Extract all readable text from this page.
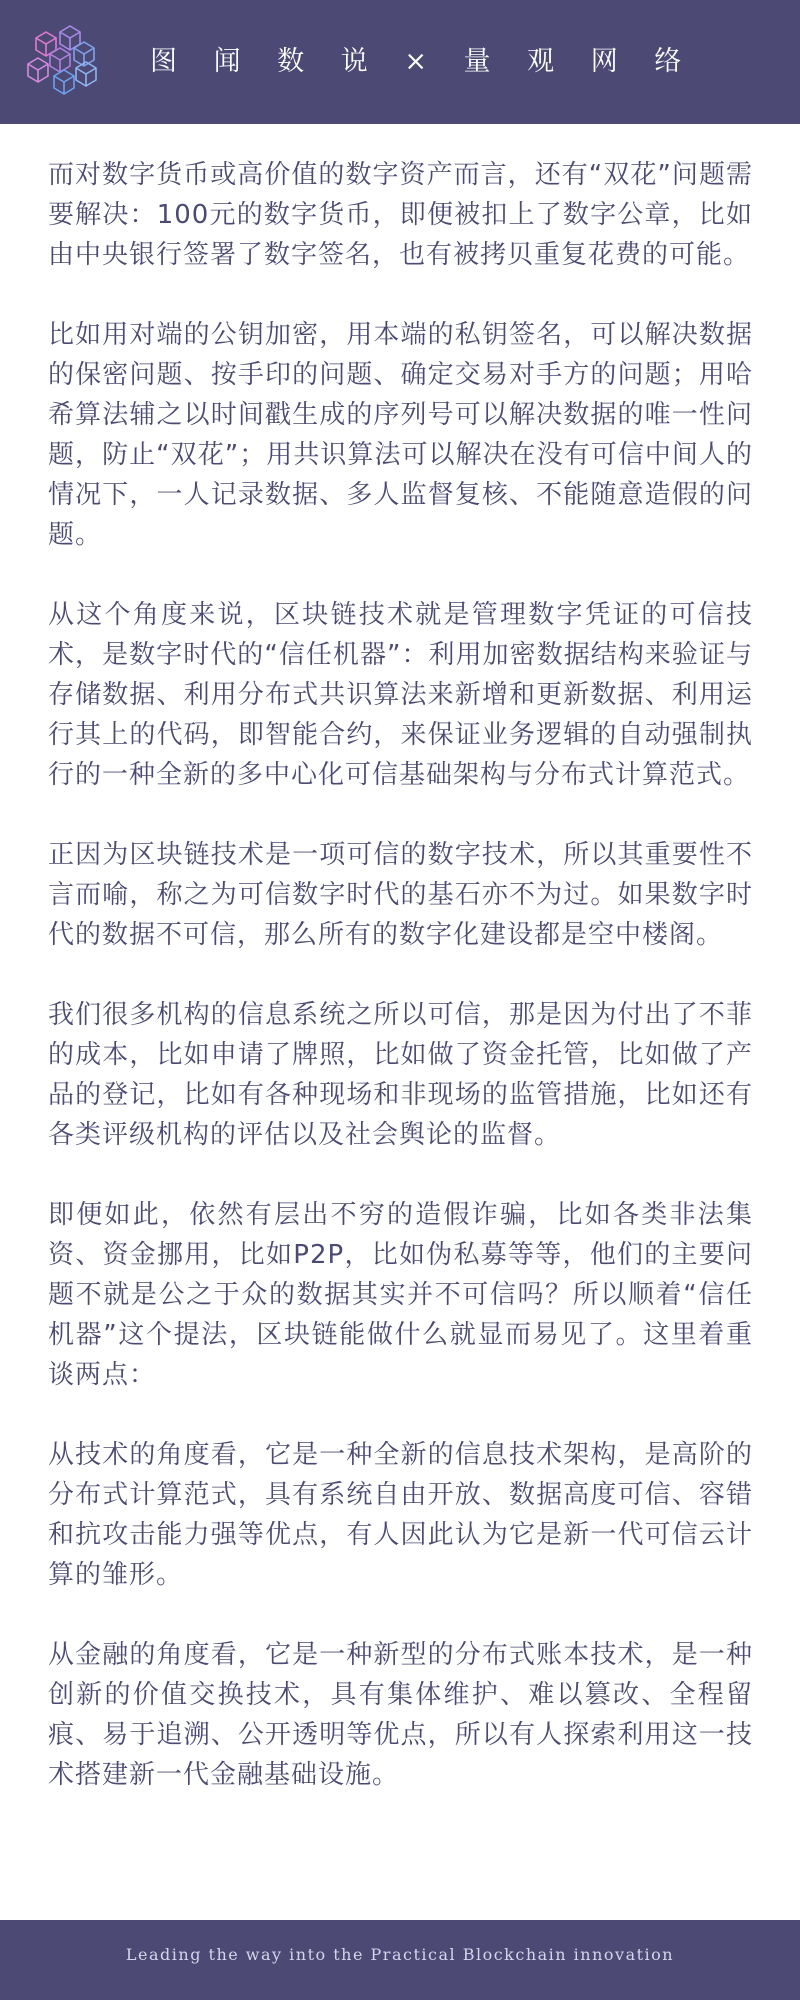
图 闻 数 说 × 量 观 网 络

而对数字货币或高价值的数字资产而言，还有“双花”问题需要解决：100元的数字货币，即便被扣上了数字公章，比如由中央银行签署了数字签名，也有被拷贝重复花费的可能。

比如用对端的公钥加密，用本端的私钥签名，可以解决数据的保密问题、按手印的问题、确定交易对手方的问题；用哈希算法辅之以时间戳生成的序列号可以解决数据的唯一性问题，防止“双花”；用共识算法可以解决在没有可信中间人的情况下，一人记录数据、多人监督复核、不能随意造假的问题。

从这个角度来说，区块链技术就是管理数字凭证的可信技术，是数字时代的“信任机器”：利用加密数据结构来验证与存储数据、利用分布式共识算法来新增和更新数据、利用运行其上的代码，即智能合约，来保证业务逻辑的自动强制执行的一种全新的多中心化可信基础架构与分布式计算范式。

正因为区块链技术是一项可信的数字技术，所以其重要性不言而喻，称之为可信数字时代的基石亦不为过。如果数字时代的数据不可信，那么所有的数字化建设都是空中楼阁。

我们很多机构的信息系统之所以可信，那是因为付出了不菲的成本，比如申请了牌照，比如做了资金托管，比如做了产品的登记，比如有各种现场和非现场的监管措施，比如还有各类评级机构的评估以及社会舆论的监督。

即便如此，依然有层出不穷的造假诈骗，比如各类非法集资、资金挪用，比如P2P，比如伪私募等等，他们的主要问题不就是公之于众的数据其实并不可信吗？所以顺着“信任机器”这个提法，区块链能做什么就显而易见了。这里着重谈两点：

从技术的角度看，它是一种全新的信息技术架构，是高阶的分布式计算范式，具有系统自由开放、数据高度可信、容错和抗攻击能力强等优点，有人因此认为它是新一代可信云计算的雏形。

从金融的角度看，它是一种新型的分布式账本技术，是一种创新的价值交换技术，具有集体维护、难以篡改、全程留痕、易于追溯、公开透明等优点，所以有人探索利用这一技术搭建新一代金融基础设施。

Leading the way into the Practical Blockchain innovation
